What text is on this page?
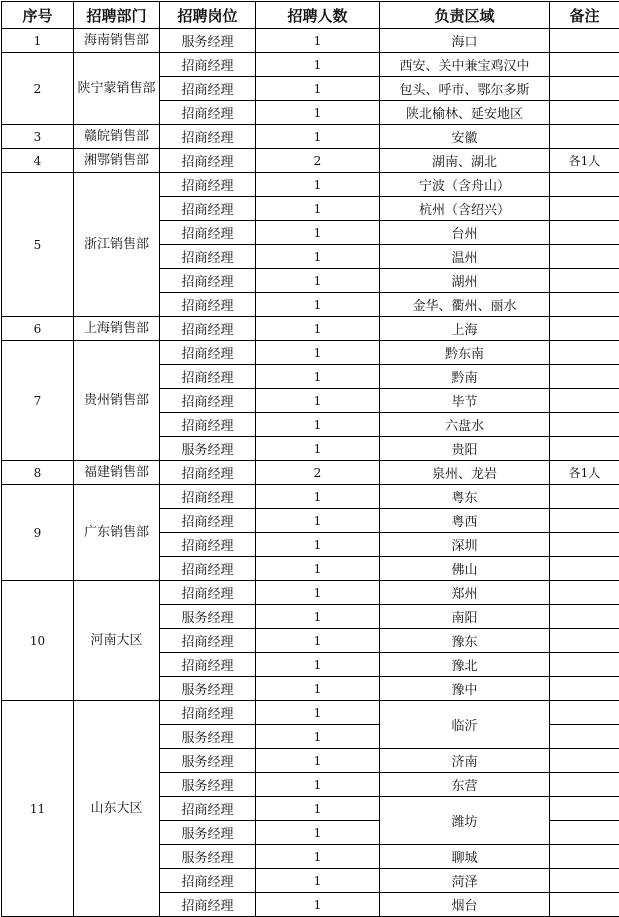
序号	招聘部门	招聘岗位	招聘人数	负责区域	备注
1	海南销售部	服务经理	1	海口	
2	陕宁蒙销售部	招商经理	1	西安、关中兼宝鸡汉中	
		招商经理	1	包头、呼市、鄂尔多斯	
		招商经理	1	陕北榆林、延安地区	
3	赣皖销售部	招商经理	1	安徽	
4	湘鄂销售部	招商经理	2	湖南、湖北	各1人
5	浙江销售部	招商经理	1	宁波（含舟山）	
		招商经理	1	杭州（含绍兴）	
		招商经理	1	台州	
		招商经理	1	温州	
		招商经理	1	湖州	
		招商经理	1	金华、衢州、丽水	
6	上海销售部	招商经理	1	上海	
7	贵州销售部	招商经理	1	黔东南	
		招商经理	1	黔南	
		招商经理	1	毕节	
		招商经理	1	六盘水	
		服务经理	1	贵阳	
8	福建销售部	招商经理	2	泉州、龙岩	各1人
9	广东销售部	招商经理	1	粤东	
		招商经理	1	粤西	
		招商经理	1	深圳	
		招商经理	1	佛山	
10	河南大区	招商经理	1	郑州	
		服务经理	1	南阳	
		招商经理	1	豫东	
		招商经理	1	豫北	
		服务经理	1	豫中	
11	山东大区	招商经理	1	临沂	
		服务经理	1		
		服务经理	1	济南	
		服务经理	1	东营	
		招商经理	1	潍坊	
		服务经理	1		
		服务经理	1	聊城	
		招商经理	1	菏泽	
		招商经理	1	烟台	
